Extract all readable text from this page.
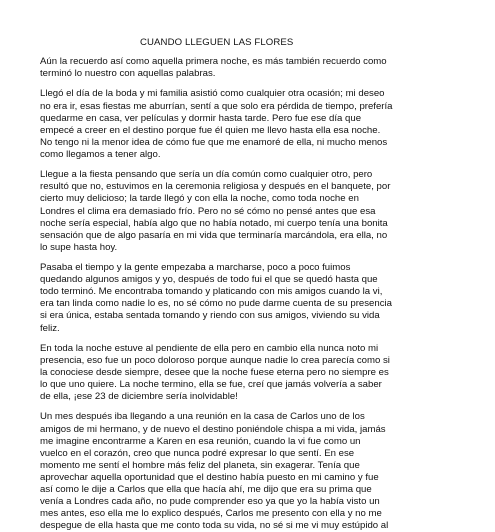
CUANDO LLEGUEN LAS FLORES

Aún la recuerdo así como aquella primera noche, es más también recuerdo como
terminó lo nuestro con aquellas palabras.

Llegó el día de la boda y mi familia asistió como cualquier otra ocasión; mi deseo
no era ir, esas fiestas me aburrían, sentí a que solo era pérdida de tiempo, prefería
quedarme en casa, ver películas y dormir hasta tarde. Pero fue ese día que
empecé a creer en el destino porque fue él quien me llevo hasta ella esa noche.
No tengo ni la menor idea de cómo fue que me enamoré de ella, ni mucho menos
como llegamos a tener algo.

Llegue a la fiesta pensando que sería un día común como cualquier otro, pero
resultó que no, estuvimos en la ceremonia religiosa y después en el banquete, por
cierto muy delicioso; la tarde llegó y con ella la noche, como toda noche en
Londres el clima era demasiado frío. Pero no sé cómo no pensé antes que esa
noche sería especial, había algo que no había notado, mi cuerpo tenía una bonita
sensación que de algo pasaría en mi vida que terminaría marcándola, era ella, no
lo supe hasta hoy.

Pasaba el tiempo y la gente empezaba a marcharse, poco a poco fuimos
quedando algunos amigos y yo, después de todo fui el que se quedó hasta que
todo terminó. Me encontraba tomando y platicando con mis amigos cuando la vi,
era tan linda como nadie lo es, no sé cómo no pude darme cuenta de su presencia
si era única, estaba sentada tomando y riendo con sus amigos, viviendo su vida
feliz.

En toda la noche estuve al pendiente de ella pero en cambio ella nunca noto mi
presencia, eso fue un poco doloroso porque aunque nadie lo crea parecía como si
la conociese desde siempre, desee que la noche fuese eterna pero no siempre es
lo que uno quiere. La noche termino, ella se fue, creí que jamás volvería a saber
de ella, ¡ese 23 de diciembre sería inolvidable!

Un mes después iba llegando a una reunión en la casa de Carlos uno de los
amigos de mi hermano, y de nuevo el destino poniéndole chispa a mi vida, jamás
me imagine encontrarme a Karen en esa reunión, cuando la vi fue como un
vuelco en el corazón, creo que nunca podré expresar lo que sentí. En ese
momento me sentí el hombre más feliz del planeta, sin exagerar. Tenía que
aprovechar aquella oportunidad que el destino había puesto en mi camino y fue
así como le dije a Carlos que ella que hacía ahí, me dijo que era su prima que
venía a Londres cada año, no pude comprender eso ya que yo la había visto un
mes antes, eso ella me lo explico después, Carlos me presento con ella y no me
despegue de ella hasta que me conto toda su vida, no sé si me vi muy estúpido al
